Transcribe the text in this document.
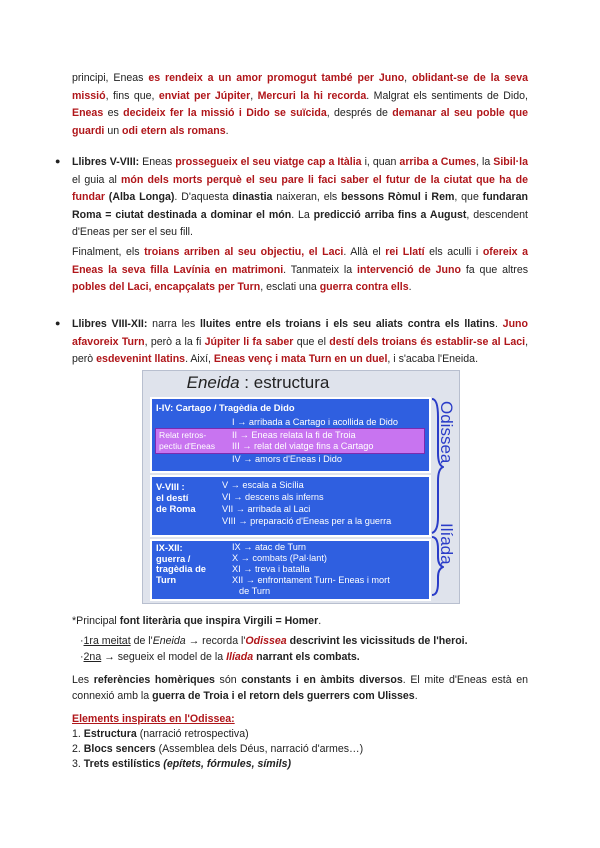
principi, Eneas es rendeix a un amor promogut també per Juno, oblidant-se de la seva missió, fins que, enviat per Júpiter, Mercuri la hi recorda. Malgrat els sentiments de Dido, Eneas es decideix fer la missió i Dido se suïcida, després de demanar al seu poble que guardi un odi etern als romans.
● Llibres V-VIII: Eneas prossegueix el seu viatge cap a Itàlia i, quan arriba a Cumes, la Sibil·la el guia al món dels morts perquè el seu pare li faci saber el futur de la ciutat que ha de fundar (Alba Longa). D'aquesta dinastia naixeran, els bessons Ròmul i Rem, que fundaran Roma = ciutat destinada a dominar el món. La predicció arriba fins a August, descendent d'Eneas per ser el seu fill.
Finalment, els troians arriben al seu objectiu, el Laci. Allà el rei Llatí els aculli i ofereix a Eneas la seva filla Lavínia en matrimoni. Tanmateix la intervenció de Juno fa que altres pobles del Laci, encapçalats per Turn, esclati una guerra contra ells.
● Llibres VIII-XII: narra les lluites entre els troians i els seu aliats contra els llatins. Juno afavoreix Turn, però a la fi Júpiter li fa saber que el destí dels troians és establir-se al Laci, però esdevenint llatins. Així, Eneas venç i mata Turn en un duel, i s'acaba l'Eneida.
Eneida : estructura
I-IV: Cartago / Tragèdia de Dido
I → arribada a Cartago i acollida de Dido
Relat retros-pectiu d'Eneas
II → Eneas relata la fi de Troia
III → relat del viatge fins a Cartago
IV → amors d'Eneas i Dido
V-VIII :
el destí
de Roma
V → escala a Sicília
VI → descens als inferns
VII → arribada al Laci
VIII → preparació d'Eneas per a la guerra
IX-XII:
guerra /
tragèdia de
Turn
IX → atac de Turn
X → combats (Pal·lant)
XI → treva i batalla
XII → enfrontament Turn- Eneas i mort
de Turn
Odissea
Ilíada
*Principal font literària que inspira Virgili = Homer.
·1ra meitat de l'Eneida → recorda l'Odissea descrivint les vicissituds de l'heroi.
·2na → segueix el model de la Ilíada narrant els combats.
Les referències homèriques són constants i en àmbits diversos. El mite d'Eneas està en connexió amb la guerra de Troia i el retorn dels guerrers com Ulisses.
Elements inspirats en l'Odissea:
1. Estructura (narració retrospectiva)
2. Blocs sencers (Assemblea dels Déus, narració d'armes…)
3. Trets estilístics (epítets, fórmules, símils)
